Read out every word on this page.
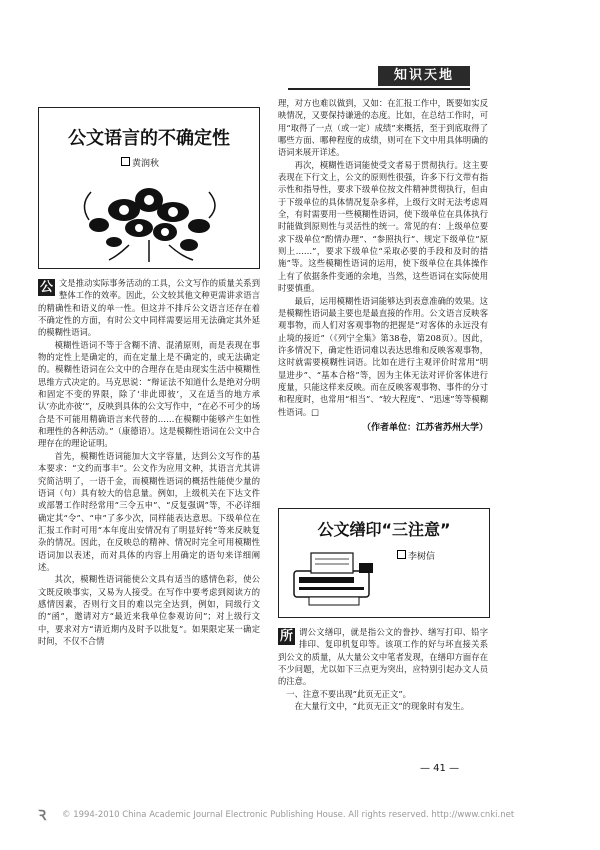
知识天地
公文语言的不确定性
黄润秋

公 文是推动实际事务活动的工具，公文写作的质量关系到整体工作的效率。因此，公文较其他文种更需讲求语言的精确性和语义的单一性。但这并不排斥公文语言还存在着不确定性的方面，有时公文中同样需要运用无法确定其外延的模糊性语词。

模糊性语词不等于含糊不清、混淆原则，而是表现在事物的定性上是确定的，而在定量上是不确定的，或无法确定的。模糊性语词在公文中的合理存在是由现实生活中模糊性思维方式决定的。马克思说：“辩证法不知道什么是绝对分明和固定不变的界限，除了‘非此即彼’，又在适当的地方承认‘亦此亦彼’”，反映到具体的公文写作中，“在必不可少的场合是不可能用精确语言来代替的……在模糊中能够产生如性和理性的各种活动。”（康德语）。这是模糊性语词在公文中合理存在的理论证明。

首先，模糊性语词能加大文字容量，达到公文写作的基本要求：“文约而事丰”。公文作为应用文种，其语言尤其讲究简洁明了，一语千金，而模糊性语词的概括性能使少量的语词（句）具有较大的信息量。例如，上级机关在下达文件或部署工作时经常用“三令五申”、“反复强调”等，不必详细确定其“令”、“申”了多少次，同样能表达意思。下级单位在汇报工作时可用“本年度出安情况有了明显好转”等来反映复杂的情况。因此，在反映总的精神、情况时完全可用模糊性语词加以表述，而对具体的内容上用确定的语句来详细阐述。

其次，模糊性语词能使公文具有适当的感情色彩，使公文既反映事实，又易为人接受。在写作中要考虑到阅读方的感情因素，否则行文目的难以完全达到，例如，同级行文的“函”，邀请对方“最近来我单位参观访问”；对上级行文中，要求对方“请近期内及时予以批复”。如果限定某一确定时间，不仅不合情

理，对方也难以做到，又如：在汇报工作中，既要如实反映情况，又要保持谦逊的态度。比如，在总结工作时，可用“取得了一点（或一定）成绩”来概括，至于到底取得了哪些方面、哪种程度的成绩，则可在下文中用具体明确的语词来展开详述。

再次，模糊性语词能使受文者易于贯彻执行。这主要表现在下行文上，公文的原则性很强，许多下行文带有指示性和指导性，要求下级单位按文件精神贯彻执行，但由于下级单位的具体情况复杂多样，上级行文时无法考虑周全，有时需要用一些模糊性语词，使下级单位在具体执行时能做到原则性与灵活性的统一。常见的有：上级单位要求下级单位“酌情办理”、“参照执行”、规定下级单位“原则上……”，要求下级单位“采取必要的手段和及时的措施”等。这些模糊性语词的运用，使下级单位在具体操作上有了依据条件变通的余地，当然，这些语词在实际使用时要慎重。

最后，运用模糊性语词能够达到表意准确的效果。这是模糊性语词最主要也是最直接的作用。公文语言反映客观事物，而人们对客观事物的把握是“对客体的永远没有止境的接近”（《列宁全集》第38卷，第208页）。因此，许多情况下，确定性语词难以表达思维和反映客观事物，这时就需要模糊性词语。比如在进行主观评价时常用“明显进步”、“基本合格”等，因为主体无法对评价客体进行度量，只能这样来反映。而在反映客观事物、事件的分寸和程度时，也常用“相当”、“较大程度”、“迅速”等等模糊性语词。□

（作者单位：江苏省苏州大学）
公文缮印“三注意”
李树信

所 谓公文缮印，就是指公文的誊抄、缮写打印、铅字排印、复印机复印等。该项工作的好与坏直接关系到公文的质量，从大量公文中笔者发现，在缮印方面存在不少问题，尤以如下三点更为突出，应特别引起办文人员的注意。

一、注意不要出现“此页无正文”。

在大量行文中，“此页无正文”的现象时有发生。

— 41 —
Ꝛ © 1994-2010 China Academic Journal Electronic Publishing House. All rights reserved. http://www.cnki.net
